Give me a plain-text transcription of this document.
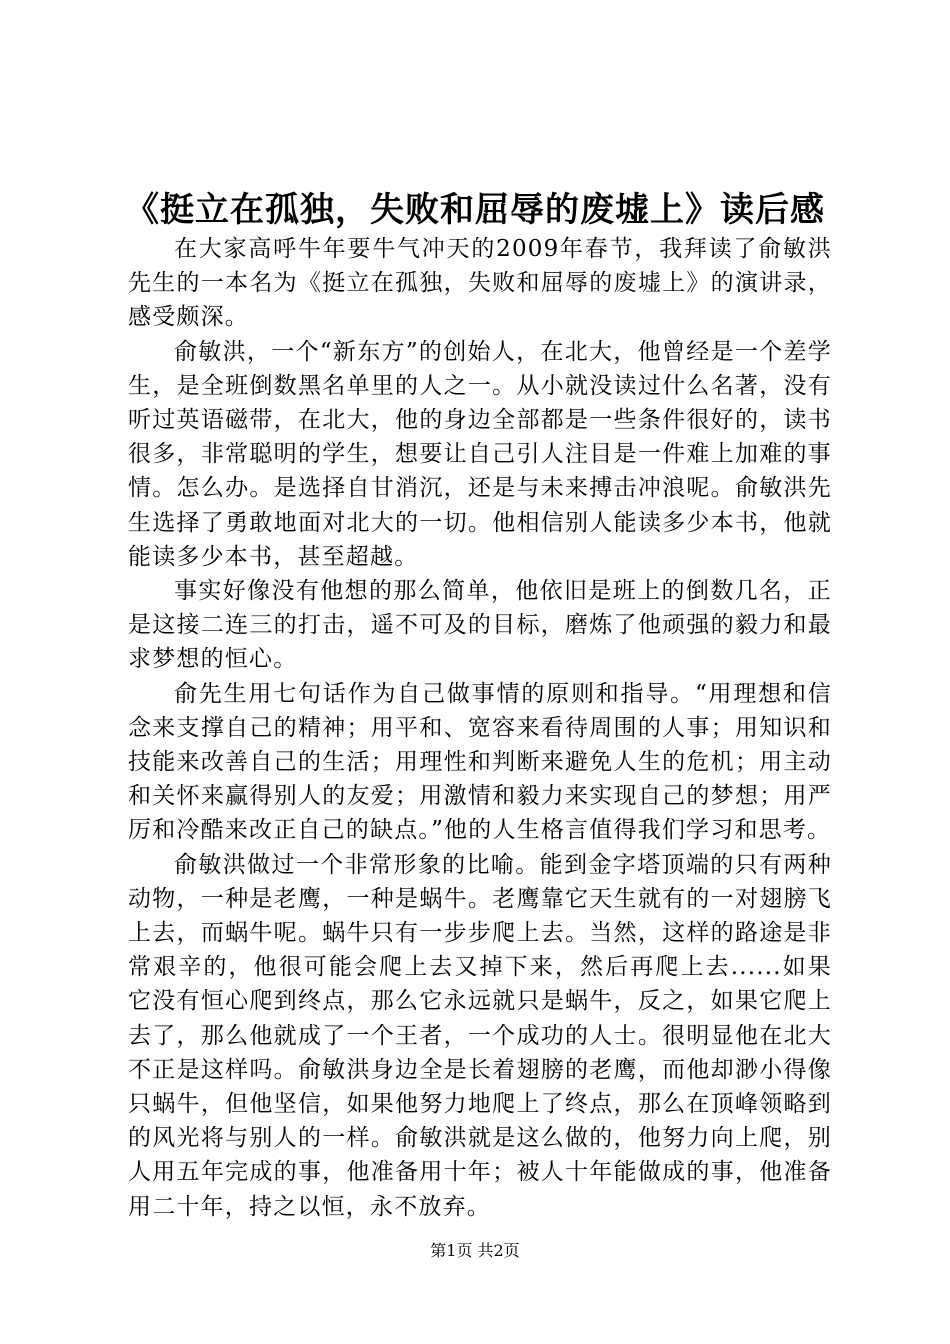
《挺立在孤独，失败和屈辱的废墟上》读后感

在大家高呼牛年要牛气冲天的2009年春节，我拜读了俞敏洪先生的一本名为《挺立在孤独，失败和屈辱的废墟上》的演讲录，感受颇深。

俞敏洪，一个“新东方”的创始人，在北大，他曾经是一个差学生，是全班倒数黑名单里的人之一。从小就没读过什么名著，没有听过英语磁带，在北大，他的身边全部都是一些条件很好的，读书很多，非常聪明的学生，想要让自己引人注目是一件难上加难的事情。怎么办。是选择自甘消沉，还是与未来搏击冲浪呢。俞敏洪先生选择了勇敢地面对北大的一切。他相信别人能读多少本书，他就能读多少本书，甚至超越。

事实好像没有他想的那么简单，他依旧是班上的倒数几名，正是这接二连三的打击，遥不可及的目标，磨炼了他顽强的毅力和最求梦想的恒心。

俞先生用七句话作为自己做事情的原则和指导。“用理想和信念来支撑自己的精神；用平和、宽容来看待周围的人事；用知识和技能来改善自己的生活；用理性和判断来避免人生的危机；用主动和关怀来赢得别人的友爱；用激情和毅力来实现自己的梦想；用严厉和冷酷来改正自己的缺点。”他的人生格言值得我们学习和思考。

俞敏洪做过一个非常形象的比喻。能到金字塔顶端的只有两种动物，一种是老鹰，一种是蜗牛。老鹰靠它天生就有的一对翅膀飞上去，而蜗牛呢。蜗牛只有一步步爬上去。当然，这样的路途是非常艰辛的，他很可能会爬上去又掉下来，然后再爬上去......如果它没有恒心爬到终点，那么它永远就只是蜗牛，反之，如果它爬上去了，那么他就成了一个王者，一个成功的人士。很明显他在北大不正是这样吗。俞敏洪身边全是长着翅膀的老鹰，而他却渺小得像只蜗牛，但他坚信，如果他努力地爬上了终点，那么在顶峰领略到的风光将与别人的一样。俞敏洪就是这么做的，他努力向上爬，别人用五年完成的事，他准备用十年；被人十年能做成的事，他准备用二十年，持之以恒，永不放弃。

第1页 共2页
